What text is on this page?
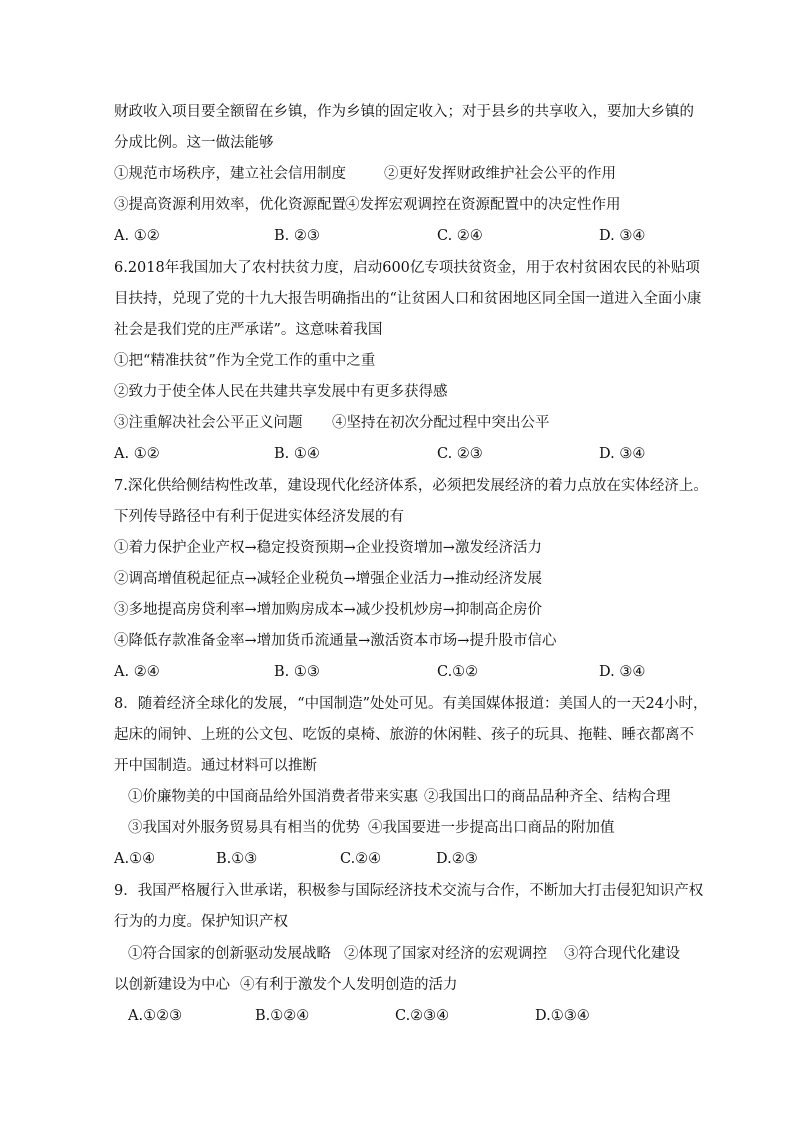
财政收入项目要全额留在乡镇，作为乡镇的固定收入；对于县乡的共享收入，要加大乡镇的
分成比例。这一做法能够
①规范市场秩序，建立社会信用制度	②更好发挥财政维护社会公平的作用
③提高资源利用效率，优化资源配置 ④发挥宏观调控在资源配置中的决定性作用
A. ①②	B. ②③	C. ②④	D. ③④
6.2018年我国加大了农村扶贫力度，启动600亿专项扶贫资金，用于农村贫困农民的补贴项
目扶持，兑现了党的十九大报告明确指出的“让贫困人口和贫困地区同全国一道进入全面小康
社会是我们党的庄严承诺”。这意味着我国
①把“精准扶贫”作为全党工作的重中之重
②致力于使全体人民在共建共享发展中有更多获得感
③注重解决社会公平正义问题 ④坚持在初次分配过程中突出公平
A. ①②	B. ①④	C. ②③	D. ③④
7.深化供给侧结构性改革，建设现代化经济体系，必须把发展经济的着力点放在实体经济上。
下列传导路径中有利于促进实体经济发展的有
①着力保护企业产权→稳定投资预期→企业投资增加→激发经济活力
②调高增值税起征点→减轻企业税负→增强企业活力→推动经济发展
③多地提高房贷利率→增加购房成本→减少投机炒房→抑制高企房价
④降低存款准备金率→增加货币流通量→激活资本市场→提升股市信心
A. ②④	B. ①③	C.①②	D. ③④
8．随着经济全球化的发展，“中国制造”处处可见。有美国媒体报道：美国人的一天24小时，
起床的闹钟、上班的公文包、吃饭的桌椅、旅游的休闲鞋、孩子的玩具、拖鞋、睡衣都离不
开中国制造。通过材料可以推断
①价廉物美的中国商品给外国消费者带来实惠 ②我国出口的商品品种齐全、结构合理
③我国对外服务贸易具有相当的优势 ④我国要进一步提高出口商品的附加值
A.①④	B.①③	C.②④	D.②③
9．我国严格履行入世承诺，积极参与国际经济技术交流与合作，不断加大打击侵犯知识产权
行为的力度。保护知识产权
①符合国家的创新驱动发展战略 ②体现了国家对经济的宏观调控 ③符合现代化建设
以创新建设为中心 ④有利于激发个人发明创造的活力
A.①②③	B.①②④	C.②③④	D.①③④
